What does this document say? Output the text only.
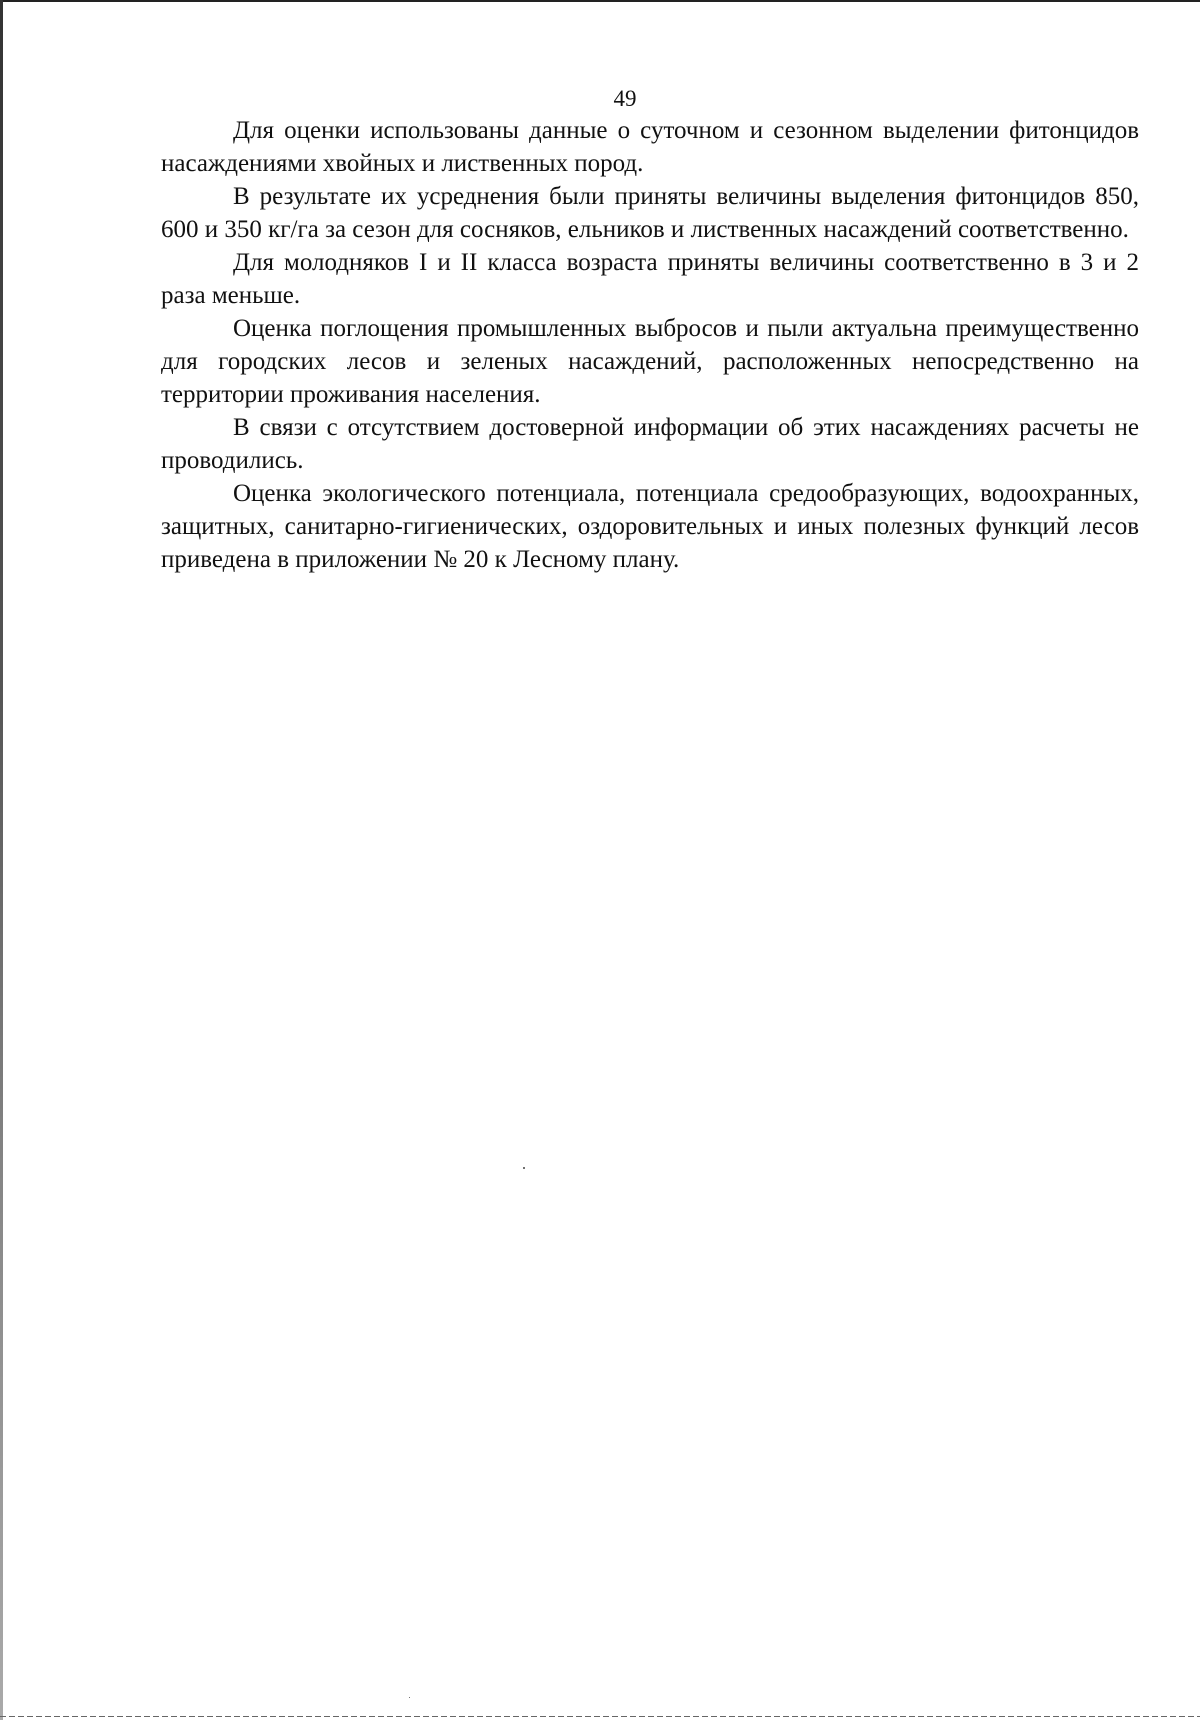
49

Для оценки использованы данные о суточном и сезонном выделении фитонцидов насаждениями хвойных и лиственных пород.

В результате их усреднения были приняты величины выделения фитонцидов 850, 600 и 350 кг/га за сезон для сосняков, ельников и лиственных насаждений соответственно.

Для молодняков I и II класса возраста приняты величины соответственно в 3 и 2 раза меньше.

Оценка поглощения промышленных выбросов и пыли актуальна преимущественно для городских лесов и зеленых насаждений, расположенных непосредственно на территории проживания населения.

В связи с отсутствием достоверной информации об этих насаждениях расчеты не проводились.

Оценка экологического потенциала, потенциала средообразующих, водоохранных, защитных, санитарно-гигиенических, оздоровительных и иных полезных функций лесов приведена в приложении № 20 к Лесному плану.
